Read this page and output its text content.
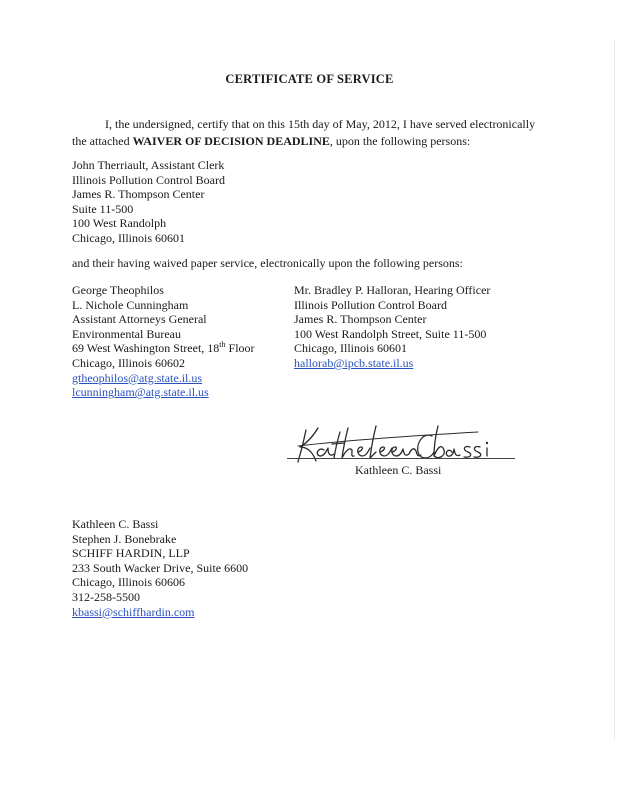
CERTIFICATE OF SERVICE
I, the undersigned, certify that on this 15th day of May, 2012, I have served electronically the attached WAIVER OF DECISION DEADLINE, upon the following persons:
John Therriault, Assistant Clerk
Illinois Pollution Control Board
James R. Thompson Center
Suite 11-500
100 West Randolph
Chicago, Illinois 60601
and their having waived paper service, electronically upon the following persons:
George Theophilos
L. Nichole Cunningham
Assistant Attorneys General
Environmental Bureau
69 West Washington Street, 18th Floor
Chicago, Illinois 60602
gtheophilos@atg.state.il.us
lcunningham@atg.state.il.us
Mr. Bradley P. Halloran, Hearing Officer
Illinois Pollution Control Board
James R. Thompson Center
100 West Randolph Street, Suite 11-500
Chicago, Illinois 60601
hallorab@ipcb.state.il.us
Kathleen C. Bassi
Kathleen C. Bassi
Stephen J. Bonebrake
SCHIFF HARDIN, LLP
233 South Wacker Drive, Suite 6600
Chicago, Illinois 60606
312-258-5500
kbassi@schiffhardin.com
